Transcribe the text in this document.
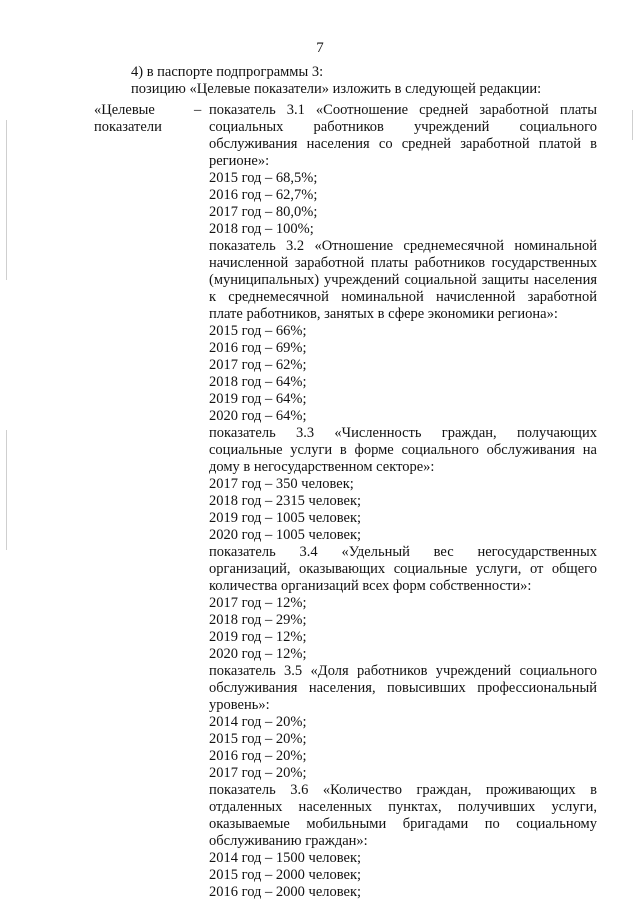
7
4) в паспорте подпрограммы 3:
позицию «Целевые показатели» изложить в следующей редакции:
«Целевые
показатели
– показатель 3.1 «Соотношение средней заработной платы социальных работников учреждений социального обслуживания населения со средней заработной платой в регионе»:

2015 год – 68,5%;

2016 год – 62,7%;

2017 год – 80,0%;

2018 год – 100%;

показатель 3.2 «Отношение среднемесячной номинальной начисленной заработной платы работников государственных (муниципальных) учреждений социальной защиты населения к среднемесячной номинальной начисленной заработной плате работников, занятых в сфере экономики региона»:

2015 год – 66%;

2016 год – 69%;

2017 год – 62%;

2018 год – 64%;

2019 год – 64%;

2020 год – 64%;

показатель 3.3 «Численность граждан, получающих социальные услуги в форме социального обслуживания на дому в негосударственном секторе»:

2017 год – 350 человек;

2018 год – 2315 человек;

2019 год – 1005 человек;

2020 год – 1005 человек;

показатель 3.4 «Удельный вес негосударственных организаций, оказывающих социальные услуги, от общего количества организаций всех форм собственности»:

2017 год – 12%;

2018 год – 29%;

2019 год – 12%;

2020 год – 12%;

показатель 3.5 «Доля работников учреждений социального обслуживания населения, повысивших профессиональный уровень»:

2014 год – 20%;

2015 год – 20%;

2016 год – 20%;

2017 год – 20%;

показатель 3.6 «Количество граждан, проживающих в отдаленных населенных пунктах, получивших услуги, оказываемые мобильными бригадами по социальному обслуживанию граждан»:

2014 год – 1500 человек;

2015 год – 2000 человек;

2016 год – 2000 человек;
